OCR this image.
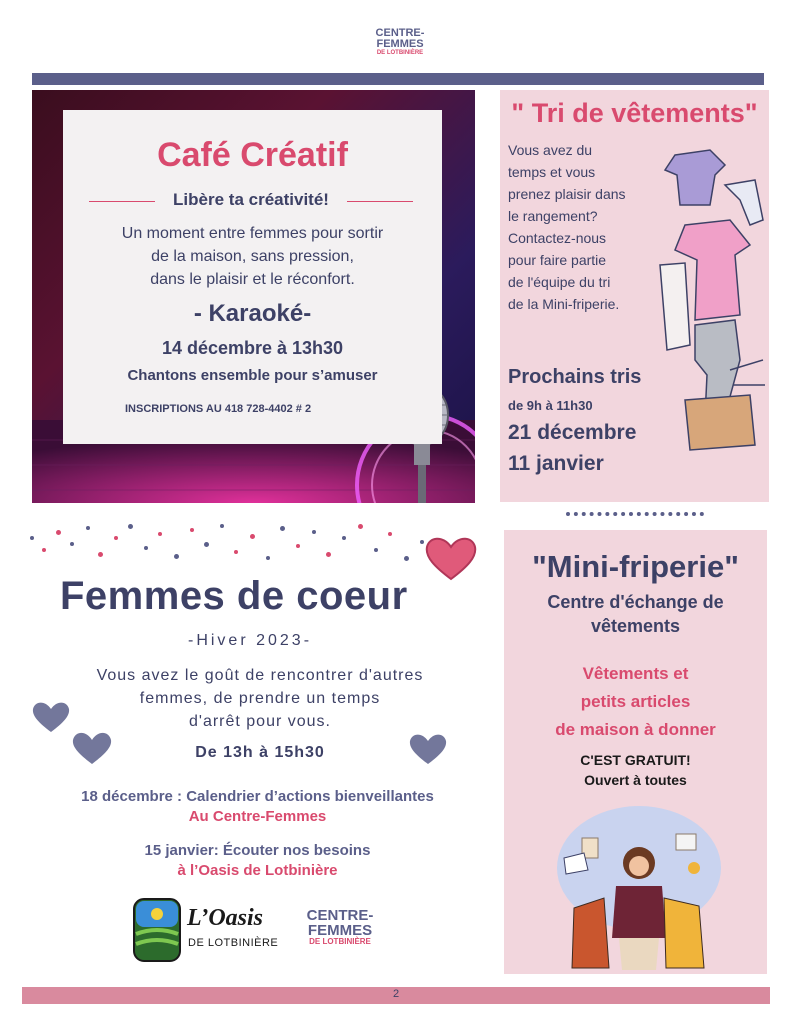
CENTRE-
FEMMES
DE LOTBINIÈRE
Café Créatif
Libère ta créativité!
Un moment entre femmes pour sortir
de la maison, sans pression,
dans le plaisir et le réconfort.
- Karaoké-
14 décembre à 13h30
Chantons ensemble pour s’amuser
INSCRIPTIONS AU 418 728-4402 # 2
" Tri de vêtements"
Vous avez du
temps et vous
prenez plaisir dans
le rangement?
Contactez-nous
pour faire partie
de l'équipe du tri
de la Mini-friperie.
Prochains tris
de 9h à 11h30
21 décembre
11 janvier
Femmes de coeur
-Hiver 2023-
Vous avez le goût de rencontrer d'autres
femmes, de prendre un temps
d'arrêt pour vous.
De 13h à 15h30
18 décembre : Calendrier d’actions bienveillantes
Au Centre-Femmes
15 janvier: Écouter nos besoins
à l’Oasis de Lotbinière
L’Oasis
DE LOTBINIÈRE
CENTRE-
FEMMES
DE LOTBINIÈRE
"Mini-friperie"
Centre d'échange de
vêtements
Vêtements et
petits articles
de maison à donner
C'EST GRATUIT!
Ouvert à toutes
2
